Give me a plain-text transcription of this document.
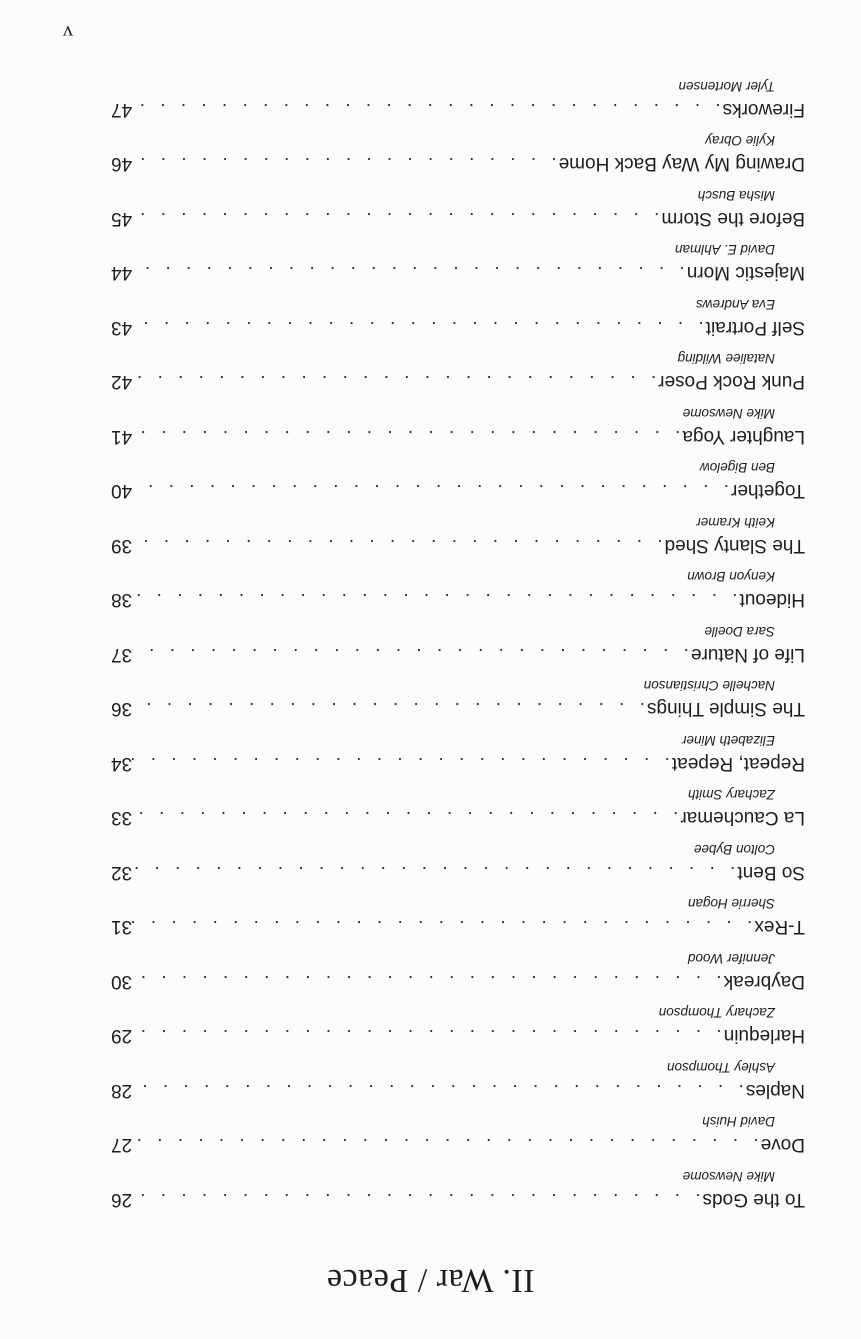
II. War / Peace
To the Gods
. . .
26
Mike Newsome
Dove
. . .
27
David Huish
Naples
. . .
28
Ashley Thompson
Harlequin
. . .
29
Zachary Thompson
Daybreak
. . .
30
Jennifer Wood
T-Rex
. . .
31
Sherrie Hogan
So Bent
. . .
32
Colton Bybee
La Cauchemar
. . .
33
Zachary Smith
Repeat, Repeat
. . .
34
Elizabeth Miner
The Simple Things
. . .
36
Nachelle Christianson
Life of Nature
. . .
37
Sara Doelle
Hideout
. . .
38
Kenyon Brown
The Slanty Shed
. . .
39
Keith Kramer
Together
. . .
40
Ben Bigelow
Laughter Yoga
. . .
41
Mike Newsome
Punk Rock Poser
. . .
42
Nataliee Wilding
Self Portrait
. . .
43
Eva Andrews
Majestic Morn
. . .
44
David E. Ahlman
Before the Storm
. . .
45
Misha Busch
Drawing My Way Back Home
. . .
46
Kylie Obray
Fireworks
. . .
47
Tyler Mortensen
v
